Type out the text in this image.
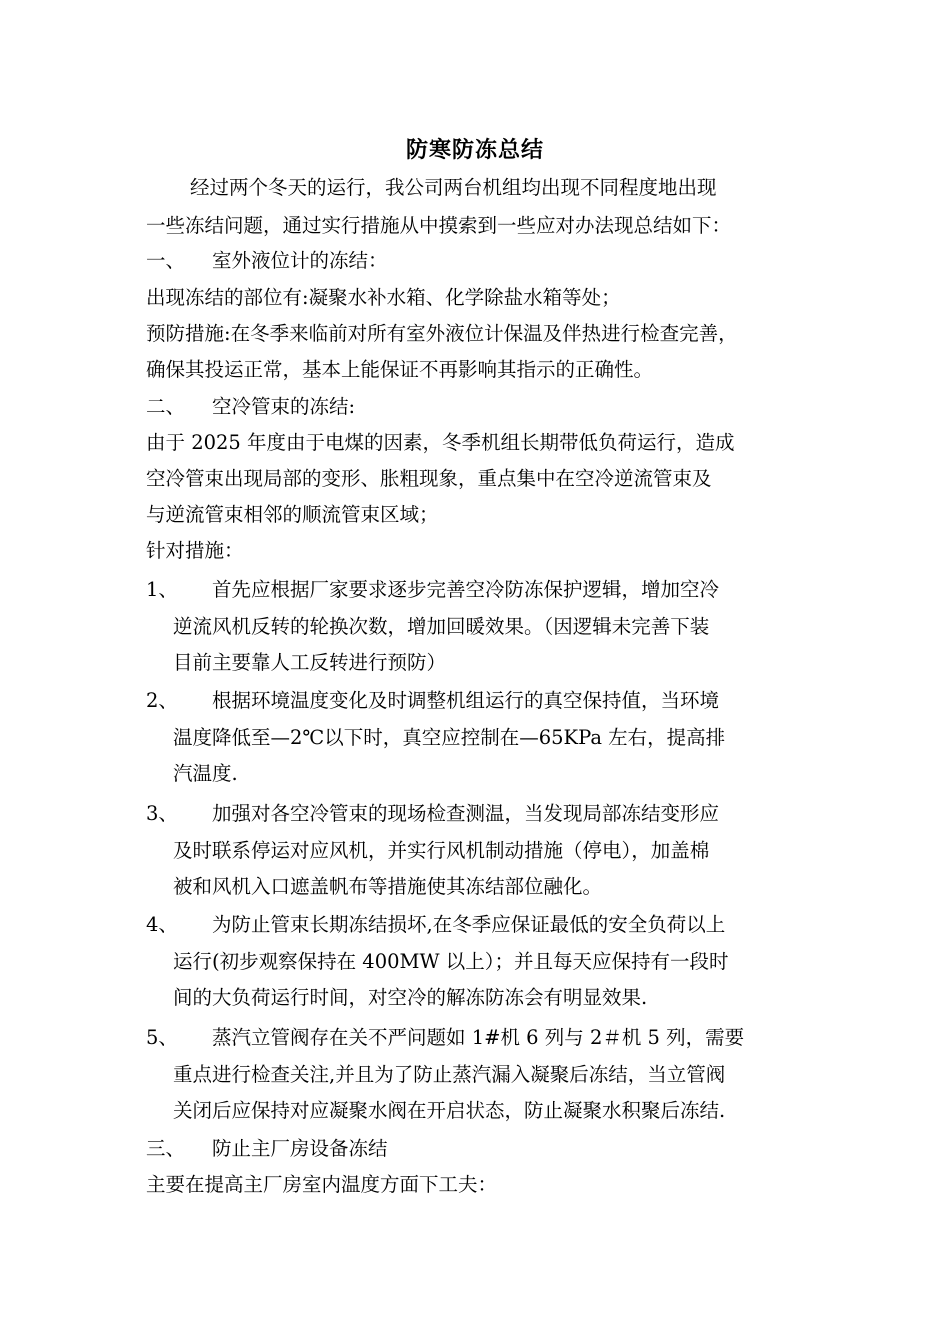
防寒防冻总结
经过两个冬天的运行，我公司两台机组均出现不同程度地出现
一些冻结问题，通过实行措施从中摸索到一些应对办法现总结如下：
一、 室外液位计的冻结：
出现冻结的部位有:凝聚水补水箱、化学除盐水箱等处；
预防措施:在冬季来临前对所有室外液位计保温及伴热进行检查完善，
确保其投运正常，基本上能保证不再影响其指示的正确性。
二、 空冷管束的冻结:
由于 2025 年度由于电煤的因素，冬季机组长期带低负荷运行，造成
空冷管束出现局部的变形、胀粗现象，重点集中在空冷逆流管束及
与逆流管束相邻的顺流管束区域；
针对措施：
1、 首先应根据厂家要求逐步完善空冷防冻保护逻辑，增加空冷
逆流风机反转的轮换次数，增加回暖效果。（因逻辑未完善下装
目前主要靠人工反转进行预防）
2、 根据环境温度变化及时调整机组运行的真空保持值，当环境
温度降低至—2℃以下时，真空应控制在—65KPa 左右，提高排
汽温度.
3、 加强对各空冷管束的现场检查测温，当发现局部冻结变形应
及时联系停运对应风机，并实行风机制动措施（停电），加盖棉
被和风机入口遮盖帆布等措施使其冻结部位融化。
4、 为防止管束长期冻结损坏,在冬季应保证最低的安全负荷以上
运行(初步观察保持在 400MW 以上）；并且每天应保持有一段时
间的大负荷运行时间，对空冷的解冻防冻会有明显效果.
5、 蒸汽立管阀存在关不严问题如 1#机 6 列与 2＃机 5 列，需要
重点进行检查关注,并且为了防止蒸汽漏入凝聚后冻结，当立管阀
关闭后应保持对应凝聚水阀在开启状态，防止凝聚水积聚后冻结.
三、 防止主厂房设备冻结
主要在提高主厂房室内温度方面下工夫：
